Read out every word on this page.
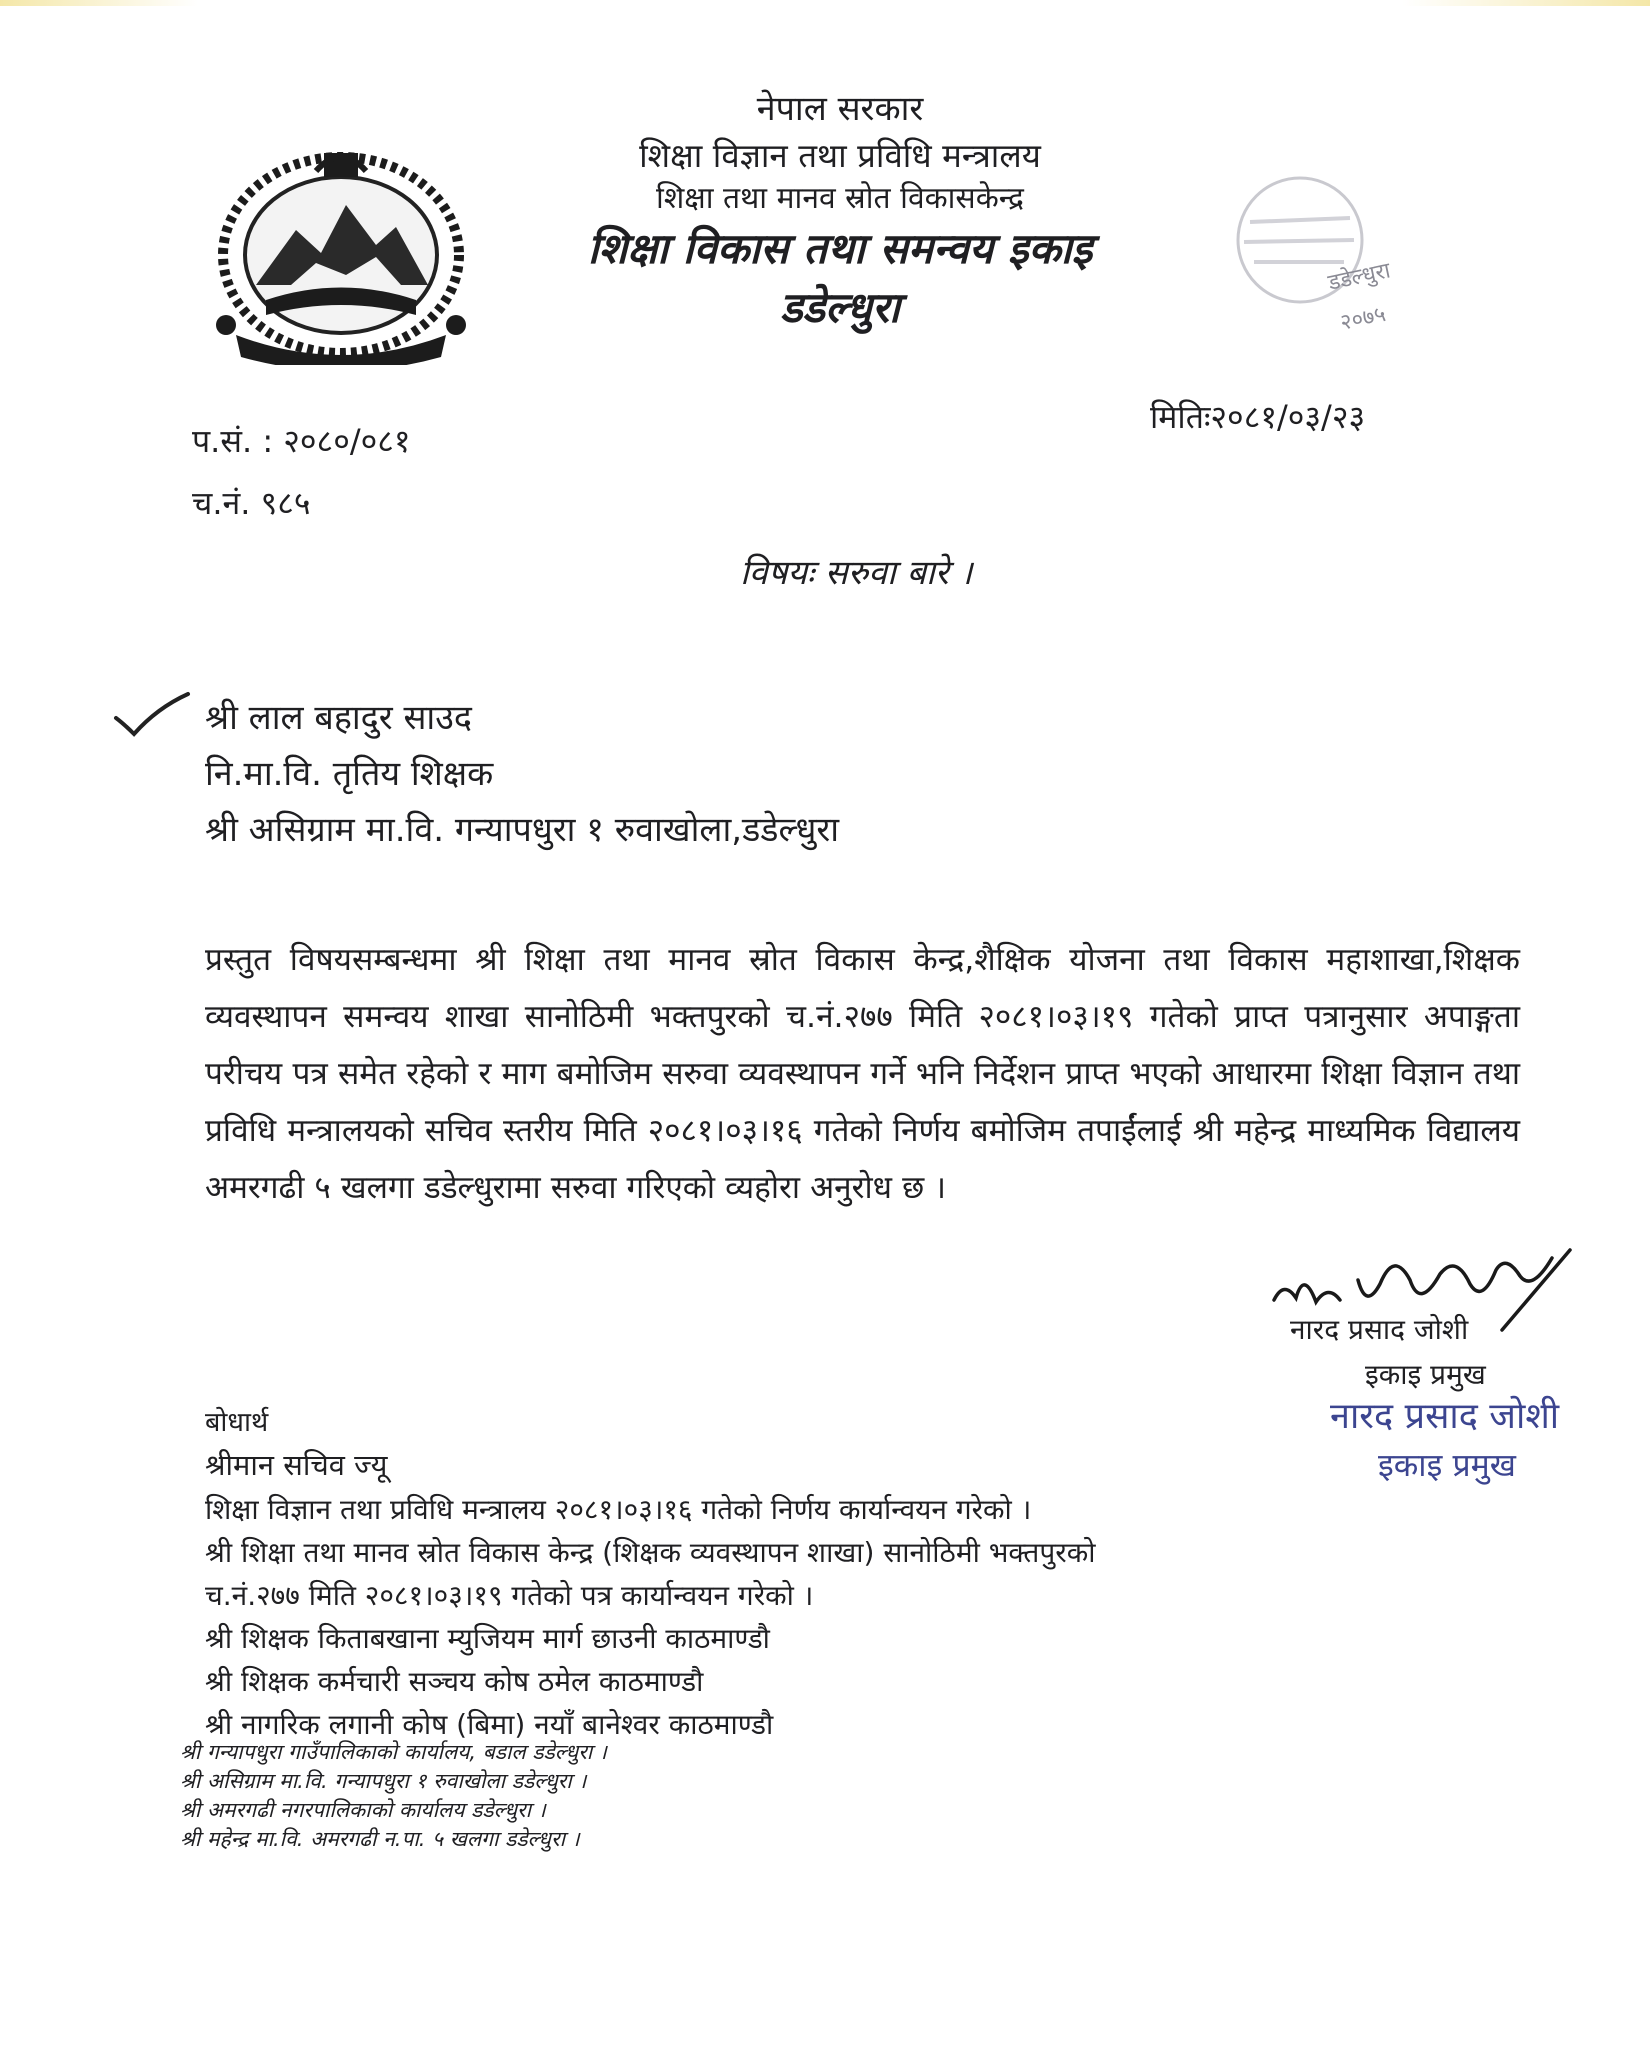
डडेल्धुरा
२०७५
नेपाल सरकार
शिक्षा विज्ञान तथा प्रविधि मन्त्रालय
शिक्षा तथा मानव स्रोत विकासकेन्द्र
शिक्षा विकास तथा समन्वय इकाइ
डडेल्धुरा
प.सं. : २०८०/०८१
च.नं. ९८५
मितिः२०८१/०३/२३
विषयः सरुवा बारे ।
श्री लाल बहादुर साउद
नि.मा.वि. तृतिय शिक्षक
श्री असिग्राम मा.वि. गन्यापधुरा १ रुवाखोला,डडेल्धुरा

प्रस्तुत विषयसम्बन्धमा श्री शिक्षा तथा मानव स्रोत विकास केन्द्र,शैक्षिक योजना तथा विकास महाशाखा,शिक्षक व्यवस्थापन समन्वय शाखा सानोठिमी भक्तपुरको च.नं.२७७ मिति २०८१।०३।१९ गतेको प्राप्त पत्रानुसार अपाङ्गता परीचय पत्र समेत रहेको र माग बमोजिम सरुवा व्यवस्थापन गर्ने भनि निर्देशन प्राप्त भएको आधारमा शिक्षा विज्ञान तथा प्रविधि मन्त्रालयको सचिव स्तरीय मिति २०८१।०३।१६ गतेको निर्णय बमोजिम तपाईंलाई श्री महेन्द्र माध्यमिक विद्यालय अमरगढी ५ खलगा डडेल्धुरामा सरुवा गरिएको व्यहोरा अनुरोध छ ।

नारद प्रसाद जोशी
इकाइ प्रमुख
नारद प्रसाद जोशी
इकाइ प्रमुख
बोधार्थ
श्रीमान सचिव ज्यू
शिक्षा विज्ञान तथा प्रविधि मन्त्रालय २०८१।०३।१६ गतेको निर्णय कार्यान्वयन गरेको ।
श्री शिक्षा तथा मानव स्रोत विकास केन्द्र (शिक्षक व्यवस्थापन शाखा) सानोठिमी भक्तपुरको
च.नं.२७७ मिति २०८१।०३।१९ गतेको पत्र कार्यान्वयन गरेको ।
श्री शिक्षक किताबखाना म्युजियम मार्ग छाउनी काठमाण्डौ
श्री शिक्षक कर्मचारी सञ्चय कोष ठमेल काठमाण्डौ
श्री नागरिक लगानी कोष (बिमा) नयाँ बानेश्वर काठमाण्डौ
श्री गन्यापधुरा गाउँपालिकाको कार्यालय, बडाल डडेल्धुरा ।
श्री असिग्राम मा.वि. गन्यापधुरा १ रुवाखोला डडेल्धुरा ।
श्री अमरगढी नगरपालिकाको कार्यालय डडेल्धुरा ।
श्री महेन्द्र मा.वि. अमरगढी न.पा. ५ खलगा डडेल्धुरा ।
